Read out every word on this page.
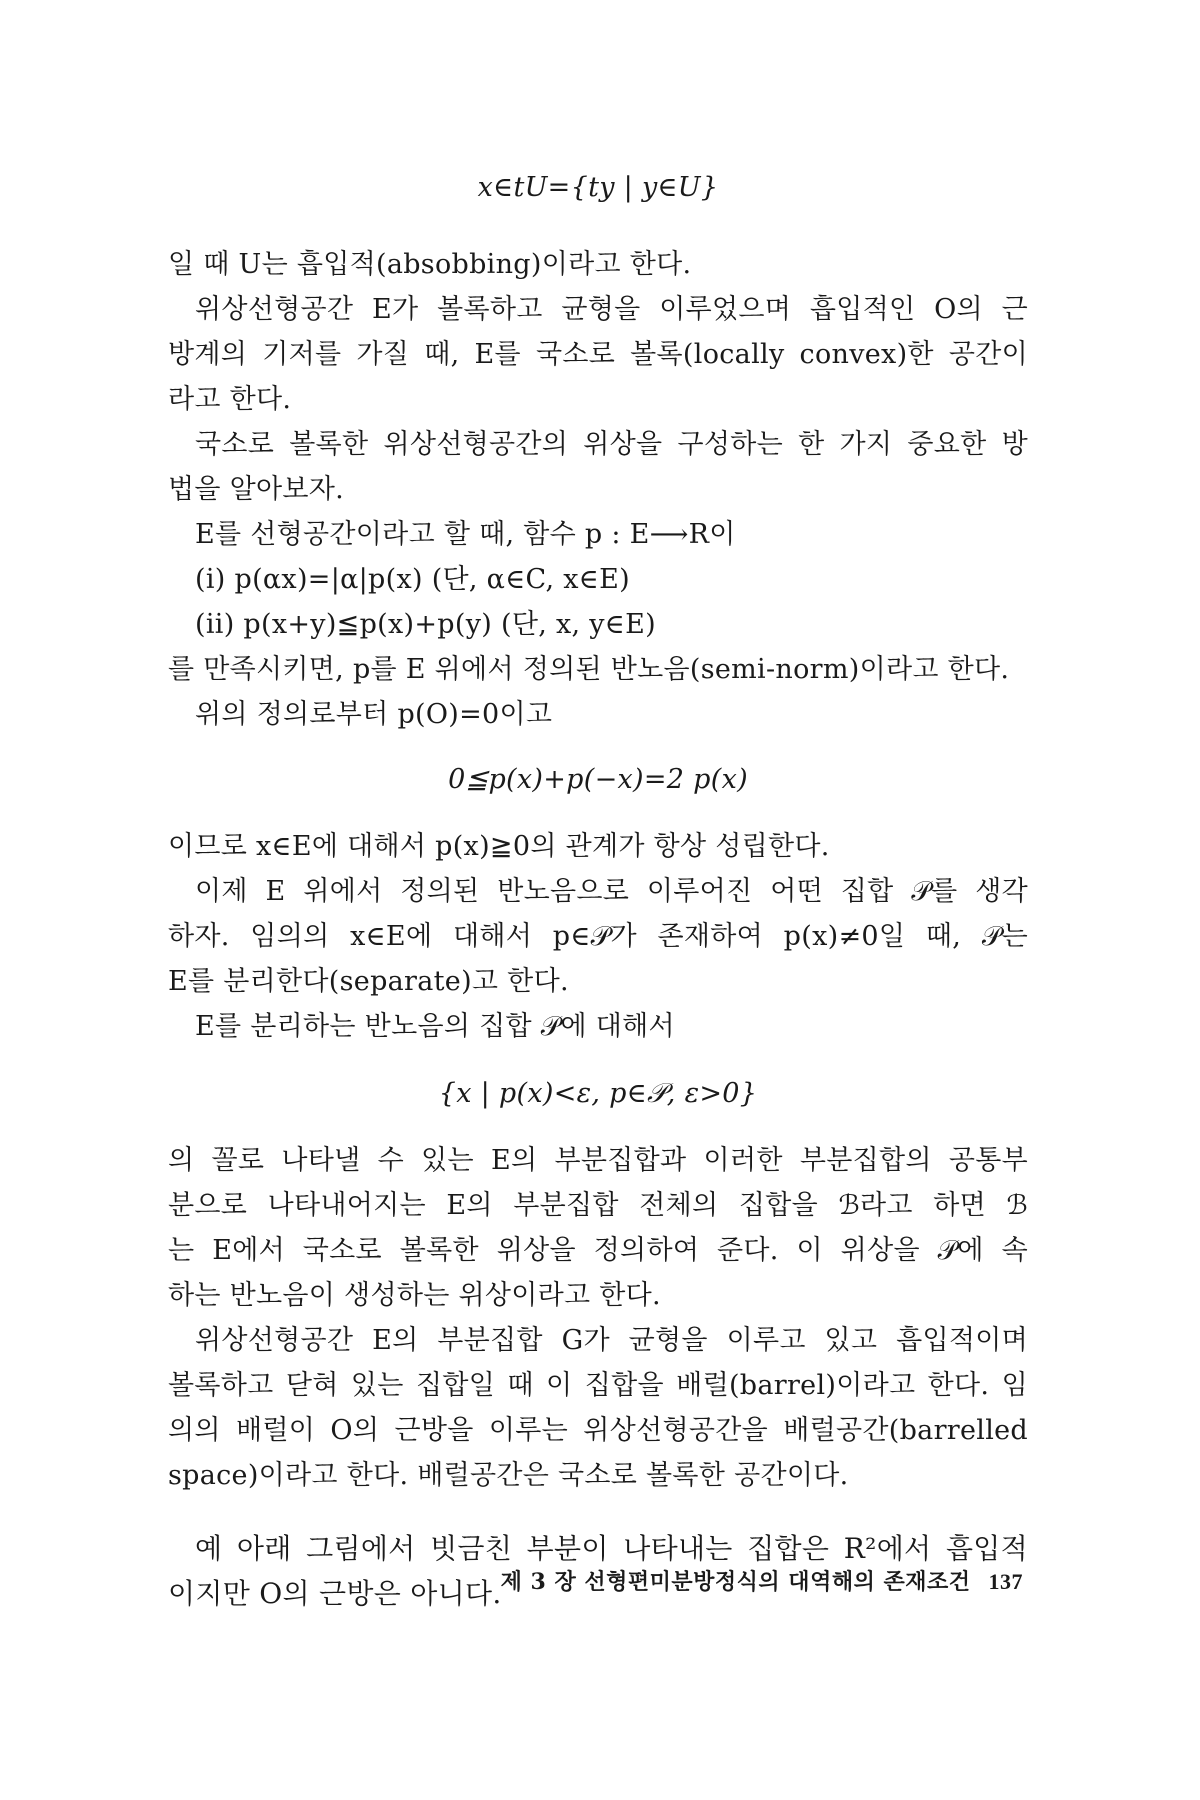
x∈tU={ty | y∈U}
일 때 U는 흡입적(absobbing)이라고 한다.
위상선형공간 E가 볼록하고 균형을 이루었으며 흡입적인 O의 근
방계의 기저를 가질 때, E를 국소로 볼록(locally convex)한 공간이
라고 한다.
국소로 볼록한 위상선형공간의 위상을 구성하는 한 가지 중요한 방
법을 알아보자.
E를 선형공간이라고 할 때, 함수 p : E⟶R이
(i) p(αx)=|α|p(x) (단, α∈C, x∈E)
(ii) p(x+y)≦p(x)+p(y) (단, x, y∈E)
를 만족시키면, p를 E 위에서 정의된 반노음(semi-norm)이라고 한다.
위의 정의로부터 p(O)=0이고
0≦p(x)+p(−x)=2 p(x)
이므로 x∈E에 대해서 p(x)≧0의 관계가 항상 성립한다.
이제 E 위에서 정의된 반노음으로 이루어진 어떤 집합 𝒫를 생각
하자. 임의의 x∈E에 대해서 p∈𝒫가 존재하여 p(x)≠0일 때, 𝒫는
E를 분리한다(separate)고 한다.
E를 분리하는 반노음의 집합 𝒫에 대해서
{x | p(x)<ε, p∈𝒫, ε>0}
의 꼴로 나타낼 수 있는 E의 부분집합과 이러한 부분집합의 공통부
분으로 나타내어지는 E의 부분집합 전체의 집합을 ℬ라고 하면 ℬ
는 E에서 국소로 볼록한 위상을 정의하여 준다. 이 위상을 𝒫에 속
하는 반노음이 생성하는 위상이라고 한다.
위상선형공간 E의 부분집합 G가 균형을 이루고 있고 흡입적이며
볼록하고 닫혀 있는 집합일 때 이 집합을 배럴(barrel)이라고 한다. 임
의의 배럴이 O의 근방을 이루는 위상선형공간을 배럴공간(barrelled
space)이라고 한다. 배럴공간은 국소로 볼록한 공간이다.
예 아래 그림에서 빗금친 부분이 나타내는 집합은 R²에서 흡입적
이지만 O의 근방은 아니다. 제 3 장 선형편미분방정식의 대역해의 존재조건 137
